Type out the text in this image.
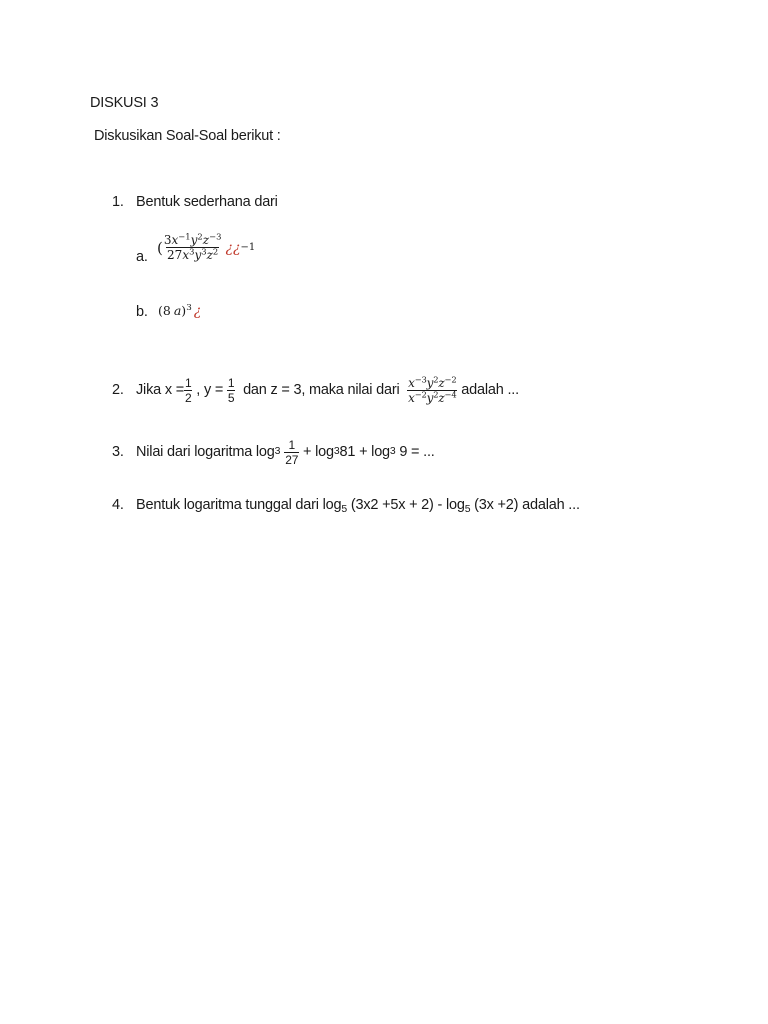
DISKUSI 3
Diskusikan Soal-Soal berikut :
1. Bentuk sederhana dari
a.
( $\frac{3x^{-1}y^2z^{-3}}{27x^3y^3z^2}$ ¿¿ −1
b. (8 a)$^3$ ¿
2. Jika $x = \frac{1}{2}$ , $y = \frac{1}{5}$ dan z = 3, maka nilai dari $\frac{x^{-3}y^2z^{-2}}{x^{-2}y^2z^{-4}}$ adalah ...
3. Nilai dari logaritma $\log 3 \frac{1}{27} + \log 3$ 81 + log 3 9 = ...
4. Bentuk logaritma tunggal dari $\log_5 (3x2 +5x + 2) - \log_5 (3x +2)$ adalah ...
